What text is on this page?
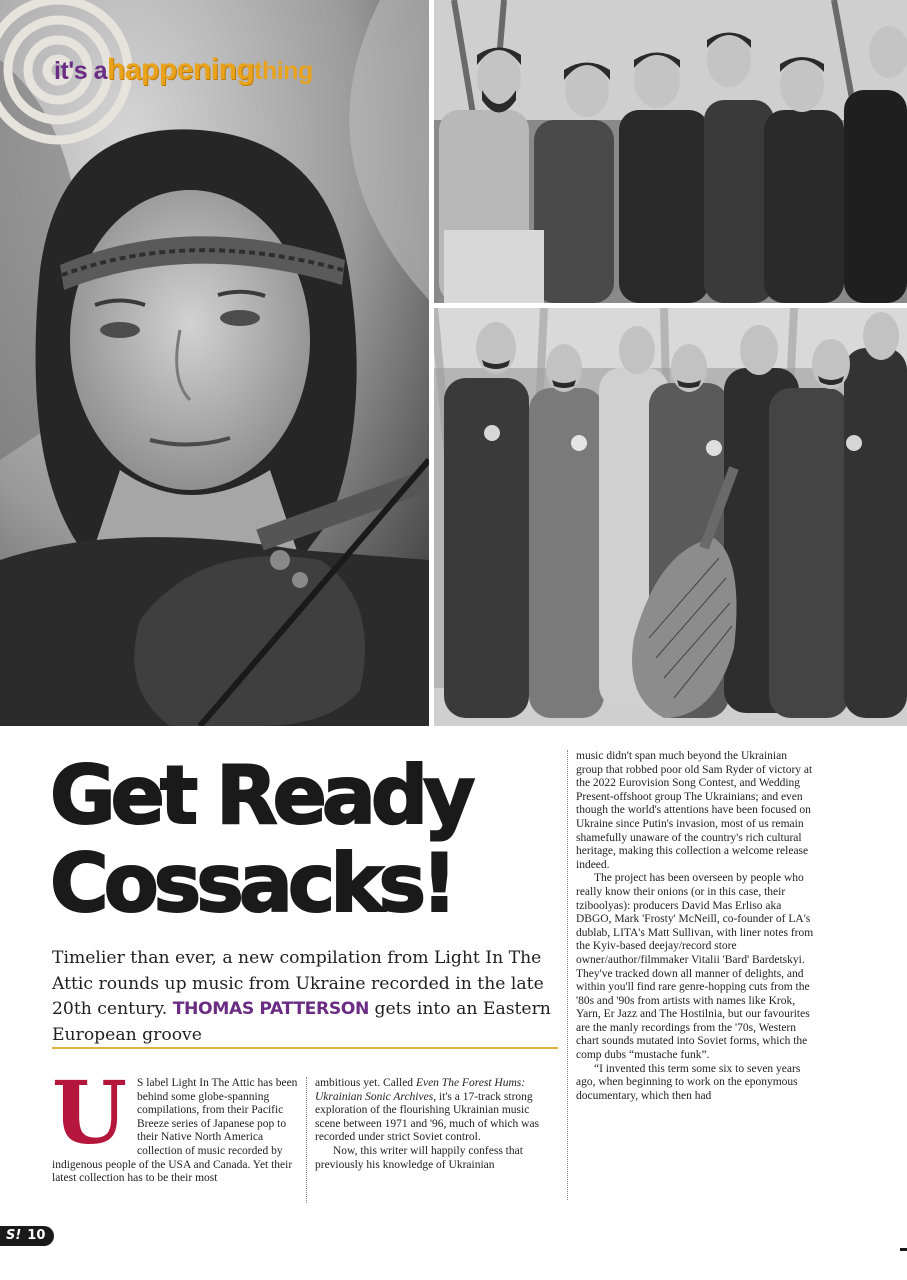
it's ahappeningthing
Get Ready
Cossacks!

Timelier than ever, a new compilation from Light In The Attic rounds up music from Ukraine recorded in the late 20th century. THOMAS PATTERSON gets into an Eastern European groove

U S label Light In The Attic has been behind some globe-spanning compilations, from their Pacific Breeze series of Japanese pop to their Native North America collection of music recorded by indigenous people of the USA and Canada. Yet their latest collection has to be their most

ambitious yet. Called Even The Forest Hums: Ukrainian Sonic Archives, it's a 17-track strong exploration of the flourishing Ukrainian music scene between 1971 and '96, much of which was recorded under strict Soviet control.

Now, this writer will happily confess that previously his knowledge of Ukrainian

music didn't span much beyond the Ukrainian group that robbed poor old Sam Ryder of victory at the 2022 Eurovision Song Contest, and Wedding Present-offshoot group The Ukrainians; and even though the world's attentions have been focused on Ukraine since Putin's invasion, most of us remain shamefully unaware of the country's rich cultural heritage, making this collection a welcome release indeed.

The project has been overseen by people who really know their onions (or in this case, their tziboolyas): producers David Mas Erliso aka DBGO, Mark 'Frosty' McNeill, co-founder of LA's dublab, LITA's Matt Sullivan, with liner notes from the Kyiv-based deejay/record store owner/author/filmmaker Vitalii 'Bard' Bardetskyi. They've tracked down all manner of delights, and within you'll find rare genre-hopping cuts from the '80s and '90s from artists with names like Krok, Yarn, Er Jazz and The Hostilnia, but our favourites are the manly recordings from the '70s, Western chart sounds mutated into Soviet forms, which the comp dubs “mustache funk”.

“I invented this term some six to seven years ago, when beginning to work on the eponymous documentary, which then had

S! 10
